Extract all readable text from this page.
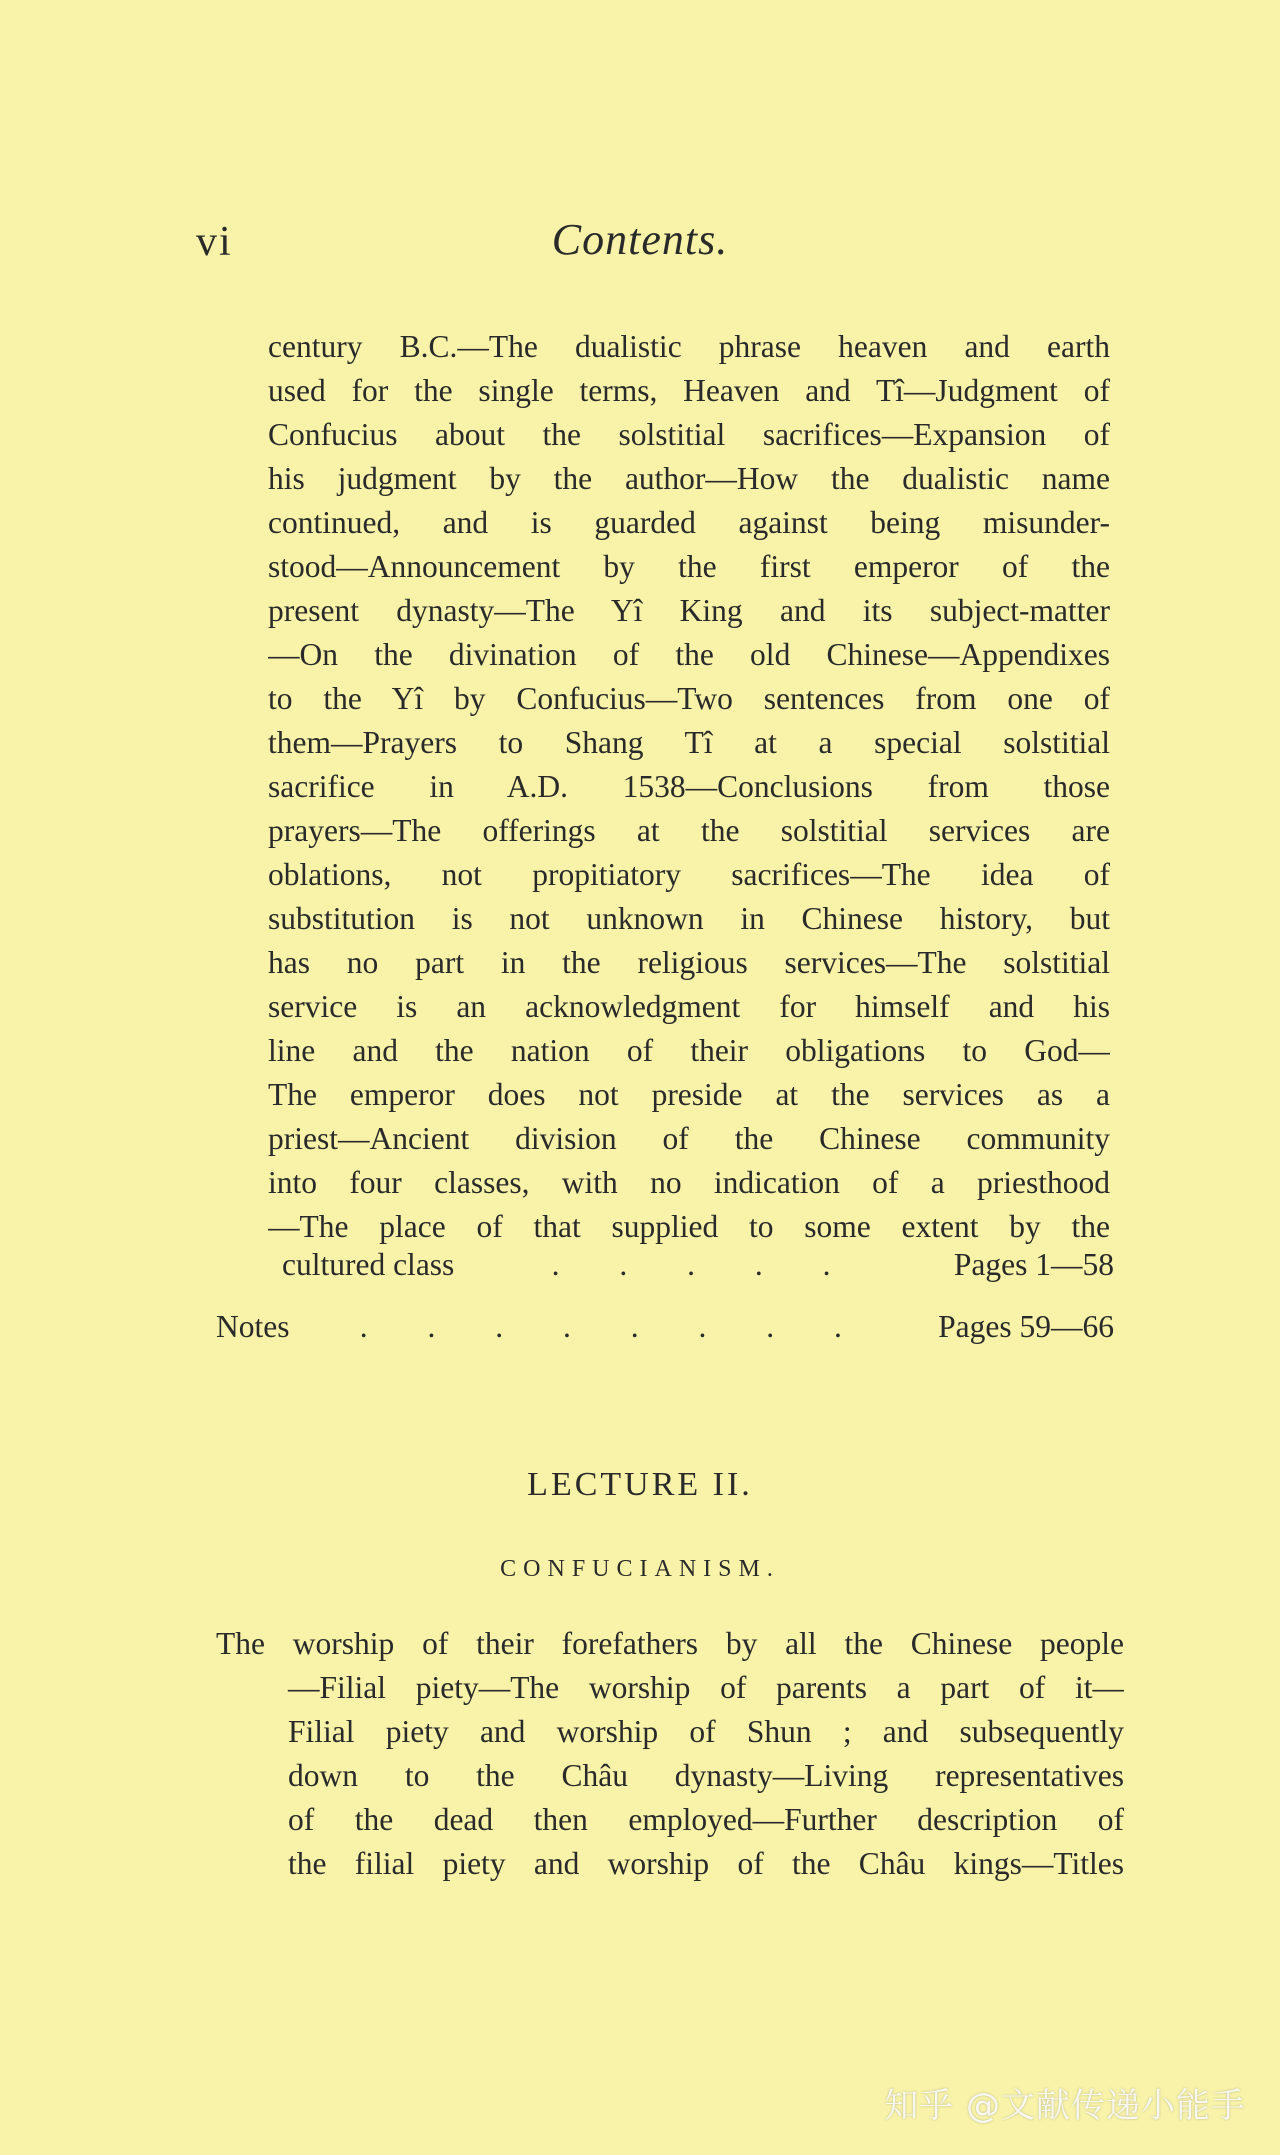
vi	Contents.
century B.C.—The dualistic phrase heaven and earth
used for the single terms, Heaven and Tî—Judgment of
Confucius about the solstitial sacrifices—Expansion of
his judgment by the author—How the dualistic name
continued, and is guarded against being misunder-
stood—Announcement by the first emperor of the
present dynasty—The Yî King and its subject-matter
—On the divination of the old Chinese—Appendixes
to the Yî by Confucius—Two sentences from one of
them—Prayers to Shang Tî at a special solstitial
sacrifice in A.D. 1538—Conclusions from those
prayers—The offerings at the solstitial services are
oblations, not propitiatory sacrifices—The idea of
substitution is not unknown in Chinese history, but
has no part in the religious services—The solstitial
service is an acknowledgment for himself and his
line and the nation of their obligations to God—
The emperor does not preside at the services as a
priest—Ancient division of the Chinese community
into four classes, with no indication of a priesthood
—The place of that supplied to some extent by the
cultured class	. . . . .	Pages 1—58
Notes	. . . . . . . .	Pages 59—66
LECTURE II.
CONFUCIANISM.
The worship of their forefathers by all the Chinese people
—Filial piety—The worship of parents a part of it—
Filial piety and worship of Shun ; and subsequently
down to the Châu dynasty—Living representatives
of the dead then employed—Further description of
the filial piety and worship of the Châu kings—Titles
知乎 @文献传递小能手
